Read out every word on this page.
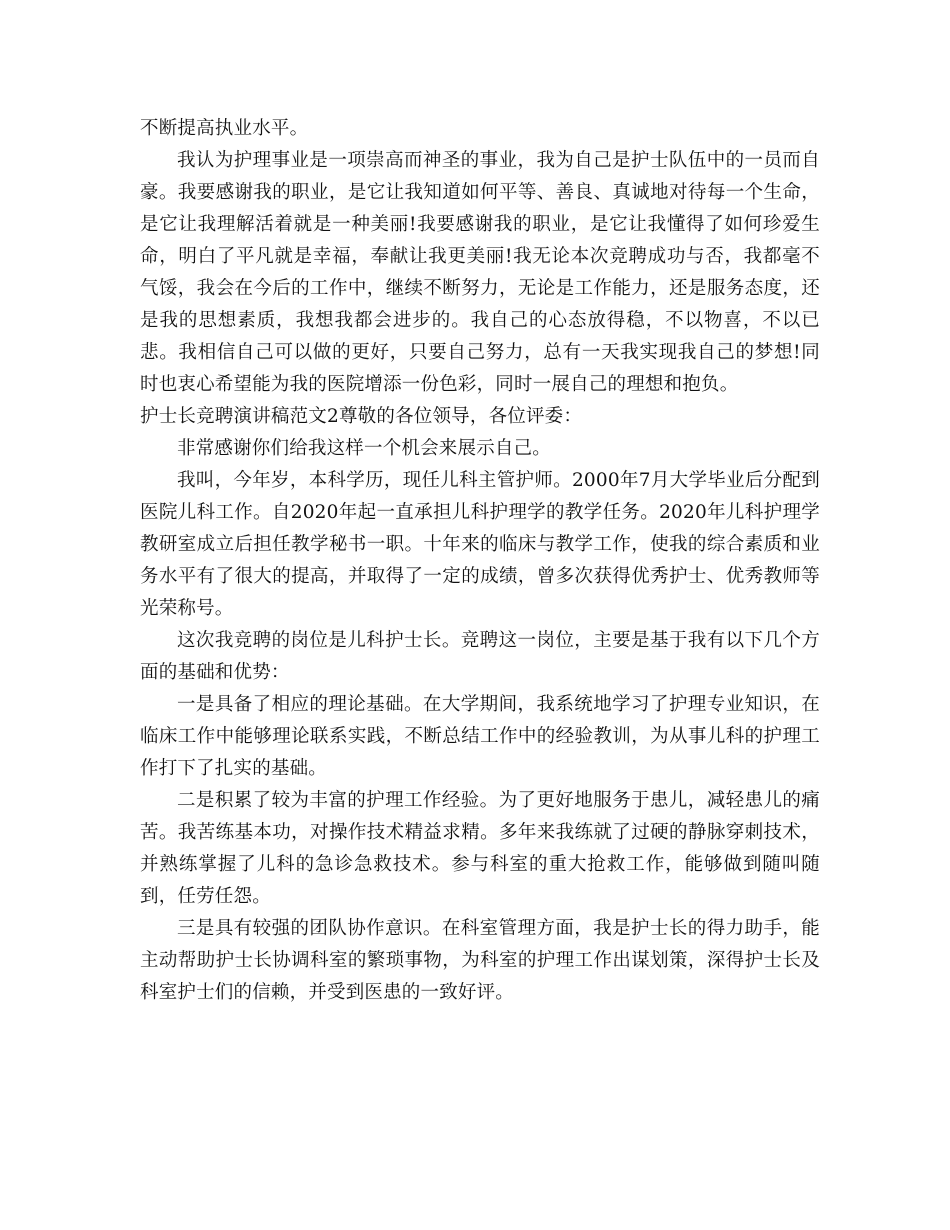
不断提高执业水平。

我认为护理事业是一项崇高而神圣的事业，我为自己是护士队伍中的一员而自豪。我要感谢我的职业，是它让我知道如何平等、善良、真诚地对待每一个生命，是它让我理解活着就是一种美丽!我要感谢我的职业，是它让我懂得了如何珍爱生命，明白了平凡就是幸福，奉献让我更美丽!我无论本次竞聘成功与否，我都毫不气馁，我会在今后的工作中，继续不断努力，无论是工作能力，还是服务态度，还是我的思想素质，我想我都会进步的。我自己的心态放得稳，不以物喜，不以已悲。我相信自己可以做的更好，只要自己努力，总有一天我实现我自己的梦想!同时也衷心希望能为我的医院增添一份色彩，同时一展自己的理想和抱负。

护士长竞聘演讲稿范文2尊敬的各位领导，各位评委：

非常感谢你们给我这样一个机会来展示自己。

我叫，今年岁，本科学历，现任儿科主管护师。2000年7月大学毕业后分配到医院儿科工作。自2020年起一直承担儿科护理学的教学任务。2020年儿科护理学教研室成立后担任教学秘书一职。十年来的临床与教学工作，使我的综合素质和业务水平有了很大的提高，并取得了一定的成绩，曾多次获得优秀护士、优秀教师等光荣称号。

这次我竞聘的岗位是儿科护士长。竞聘这一岗位，主要是基于我有以下几个方面的基础和优势：

一是具备了相应的理论基础。在大学期间，我系统地学习了护理专业知识，在临床工作中能够理论联系实践，不断总结工作中的经验教训，为从事儿科的护理工作打下了扎实的基础。

二是积累了较为丰富的护理工作经验。为了更好地服务于患儿，减轻患儿的痛苦。我苦练基本功，对操作技术精益求精。多年来我练就了过硬的静脉穿刺技术，并熟练掌握了儿科的急诊急救技术。参与科室的重大抢救工作，能够做到随叫随到，任劳任怨。

三是具有较强的团队协作意识。在科室管理方面，我是护士长的得力助手，能主动帮助护士长协调科室的繁琐事物，为科室的护理工作出谋划策，深得护士长及科室护士们的信赖，并受到医患的一致好评。
